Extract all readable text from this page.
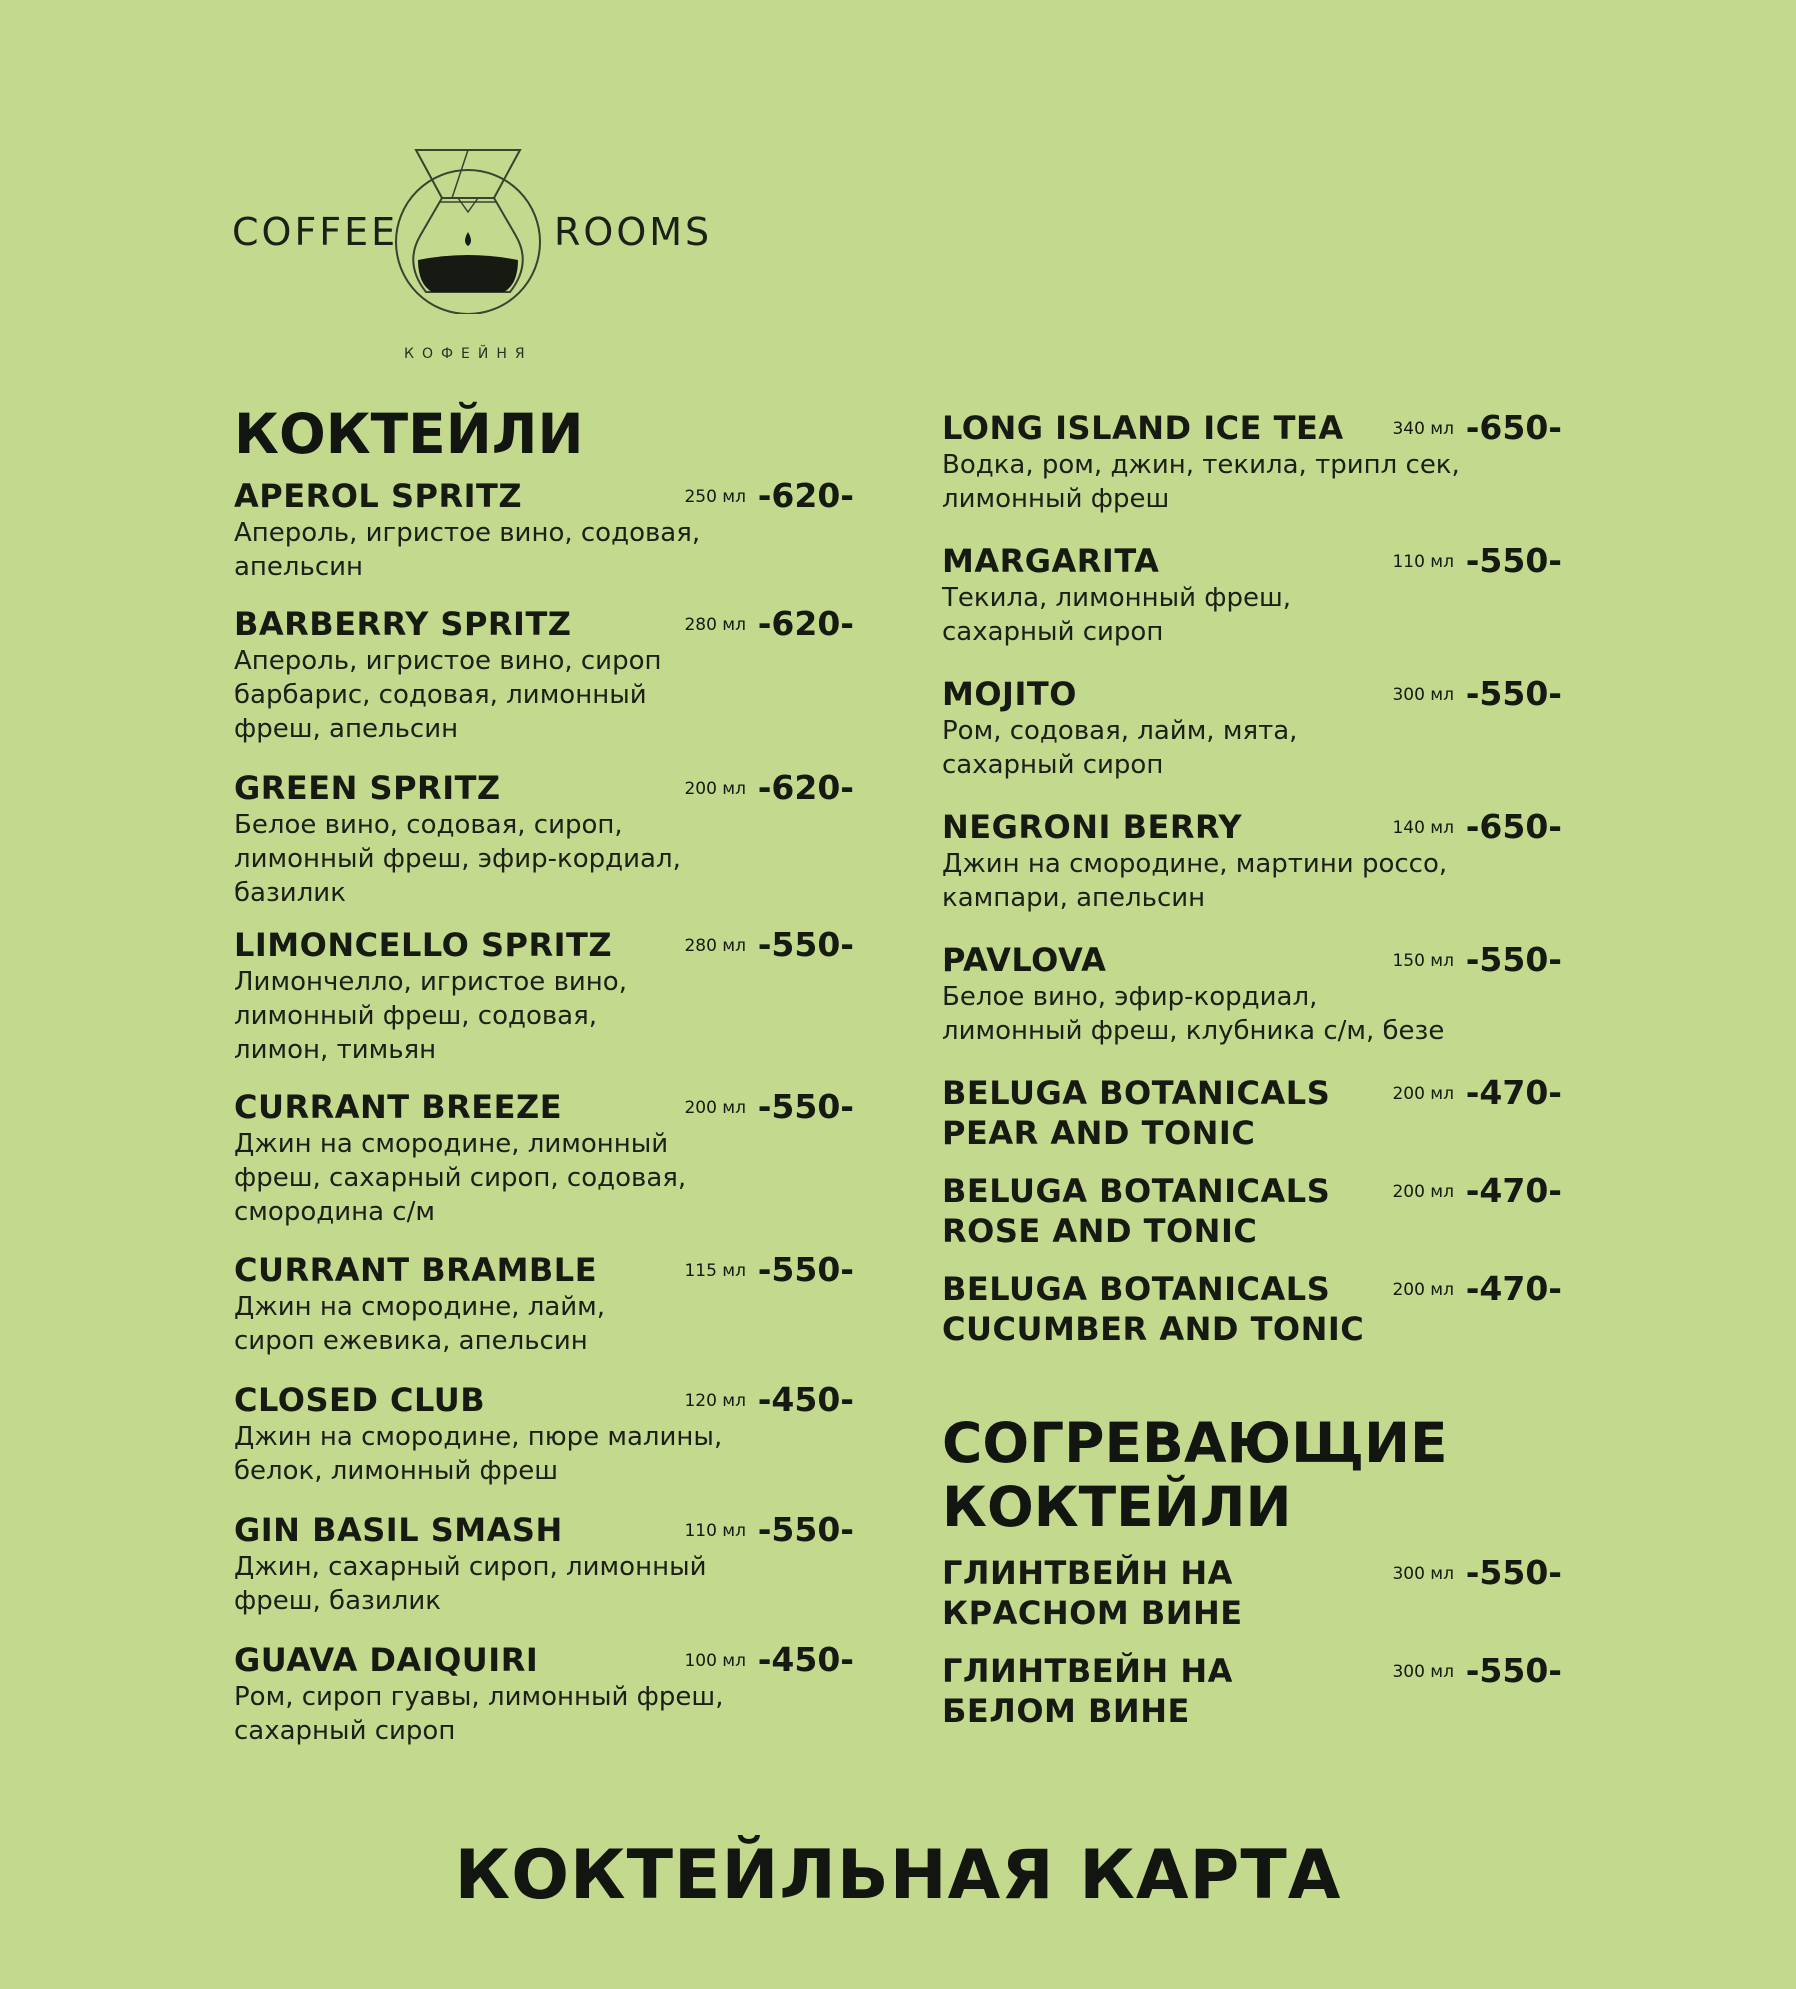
COFFEE	ROOMS
КОФЕЙНЯ
КОКТЕЙЛИ
APEROL SPRITZ	250 мл -620-
Апероль, игристое вино, содовая, апельсин
BARBERRY SPRITZ	280 мл -620-
Апероль, игристое вино, сироп барбарис, содовая, лимонный фреш, апельсин
GREEN SPRITZ	200 мл -620-
Белое вино, содовая, сироп, лимонный фреш, эфир-кордиал, базилик
LIMONCELLO SPRITZ	280 мл -550-
Лимончелло, игристое вино, лимонный фреш, содовая, лимон, тимьян
CURRANT BREEZE	200 мл -550-
Джин на смородине, лимонный фреш, сахарный сироп, содовая, смородина с/м
CURRANT BRAMBLE	115 мл -550-
Джин на смородине, лайм, сироп ежевика, апельсин
CLOSED CLUB	120 мл -450-
Джин на смородине, пюре малины, белок, лимонный фреш
GIN BASIL SMASH	110 мл -550-
Джин, сахарный сироп, лимонный фреш, базилик
GUAVA DAIQUIRI	100 мл -450-
Ром, сироп гуавы, лимонный фреш, сахарный сироп
LONG ISLAND ICE TEA	340 мл -650-
Водка, ром, джин, текила, трипл сек, лимонный фреш
MARGARITA	110 мл -550-
Текила, лимонный фреш, сахарный сироп
MOJITO	300 мл -550-
Ром, содовая, лайм, мята, сахарный сироп
NEGRONI BERRY	140 мл -650-
Джин на смородине, мартини россо, кампари, апельсин
PAVLOVA	150 мл -550-
Белое вино, эфир-кордиал, лимонный фреш, клубника с/м, безе
BELUGA BOTANICALS PEAR AND TONIC
200 мл -470-
BELUGA BOTANICALS ROSE AND TONIC
200 мл -470-
BELUGA BOTANICALS CUCUMBER AND TONIC
200 мл -470-
СОГРЕВАЮЩИЕ КОКТЕЙЛИ
ГЛИНТВЕЙН НА КРАСНОМ ВИНЕ
300 мл -550-
ГЛИНТВЕЙН НА БЕЛОМ ВИНЕ
300 мл -550-
КОКТЕЙЛЬНАЯ КАРТА
